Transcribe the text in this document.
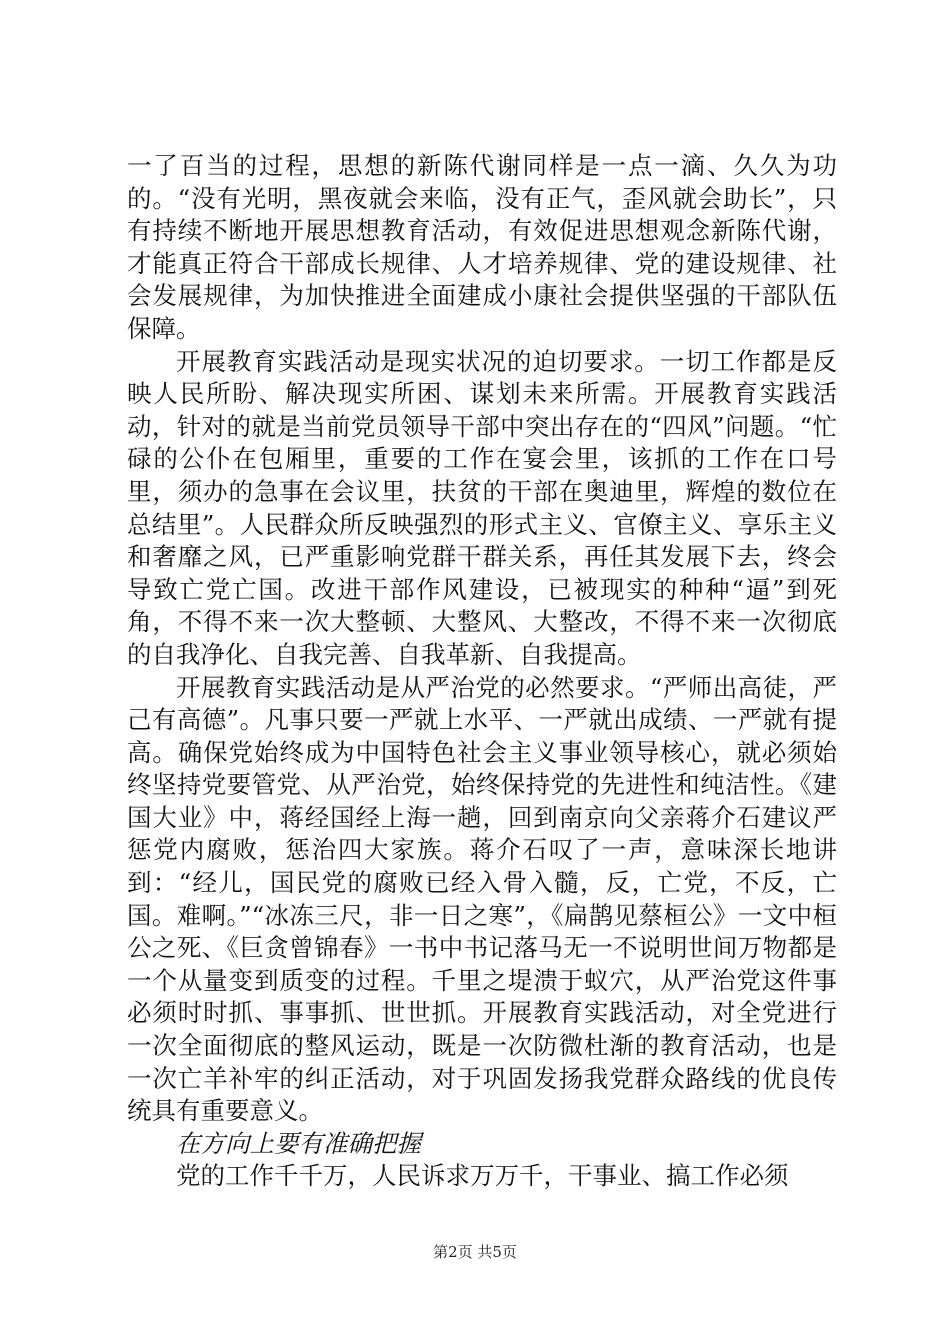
一了百当的过程，思想的新陈代谢同样是一点一滴、久久为功的。“没有光明，黑夜就会来临，没有正气，歪风就会助长”，只有持续不断地开展思想教育活动，有效促进思想观念新陈代谢，才能真正符合干部成长规律、人才培养规律、党的建设规律、社会发展规律，为加快推进全面建成小康社会提供坚强的干部队伍保障。

开展教育实践活动是现实状况的迫切要求。一切工作都是反映人民所盼、解决现实所困、谋划未来所需。开展教育实践活动，针对的就是当前党员领导干部中突出存在的“四风”问题。“忙碌的公仆在包厢里，重要的工作在宴会里，该抓的工作在口号里，须办的急事在会议里，扶贫的干部在奥迪里，辉煌的数位在总结里”。人民群众所反映强烈的形式主义、官僚主义、享乐主义和奢靡之风，已严重影响党群干群关系，再任其发展下去，终会导致亡党亡国。改进干部作风建设，已被现实的种种“逼”到死角，不得不来一次大整顿、大整风、大整改，不得不来一次彻底的自我净化、自我完善、自我革新、自我提高。

开展教育实践活动是从严治党的必然要求。“严师出高徒，严己有高德”。凡事只要一严就上水平、一严就出成绩、一严就有提高。确保党始终成为中国特色社会主义事业领导核心，就必须始终坚持党要管党、从严治党，始终保持党的先进性和纯洁性。《建国大业》中，蒋经国经上海一趟，回到南京向父亲蒋介石建议严惩党内腐败，惩治四大家族。蒋介石叹了一声，意味深长地讲到：“经儿，国民党的腐败已经入骨入髓，反，亡党，不反，亡国。难啊。”“冰冻三尺，非一日之寒”，《扁鹊见蔡桓公》一文中桓公之死、《巨贪曾锦春》一书中书记落马无一不说明世间万物都是一个从量变到质变的过程。千里之堤溃于蚁穴，从严治党这件事必须时时抓、事事抓、世世抓。开展教育实践活动，对全党进行一次全面彻底的整风运动，既是一次防微杜渐的教育活动，也是一次亡羊补牢的纠正活动，对于巩固发扬我党群众路线的优良传统具有重要意义。

在方向上要有准确把握

党的工作千千万，人民诉求万万千，干事业、搞工作必须

第2页 共5页
